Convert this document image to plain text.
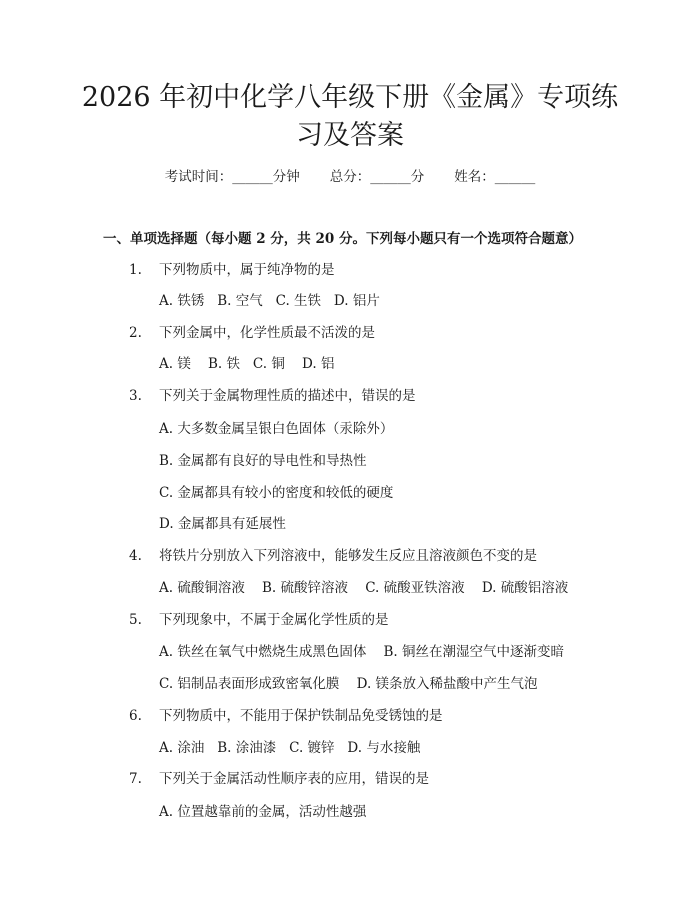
2026 年初中化学八年级下册《金属》专项练
习及答案
考试时间：______分钟 总分：______分 姓名：______
一、单项选择题（每小题 2 分，共 20 分。下列每小题只有一个选项符合题意）
1. 下列物质中，属于纯净物的是
A. 铁锈 B. 空气 C. 生铁 D. 铝片
2. 下列金属中，化学性质最不活泼的是
A. 镁 B. 铁 C. 铜 D. 铝
3. 下列关于金属物理性质的描述中，错误的是
A. 大多数金属呈银白色固体（汞除外）
B. 金属都有良好的导电性和导热性
C. 金属都具有较小的密度和较低的硬度
D. 金属都具有延展性
4. 将铁片分别放入下列溶液中，能够发生反应且溶液颜色不变的是
A. 硫酸铜溶液 B. 硫酸锌溶液 C. 硫酸亚铁溶液 D. 硫酸铝溶液
5. 下列现象中，不属于金属化学性质的是
A. 铁丝在氧气中燃烧生成黑色固体 B. 铜丝在潮湿空气中逐渐变暗
C. 铝制品表面形成致密氧化膜 D. 镁条放入稀盐酸中产生气泡
6. 下列物质中，不能用于保护铁制品免受锈蚀的是
A. 涂油 B. 涂油漆 C. 镀锌 D. 与水接触
7. 下列关于金属活动性顺序表的应用，错误的是
A. 位置越靠前的金属，活动性越强
